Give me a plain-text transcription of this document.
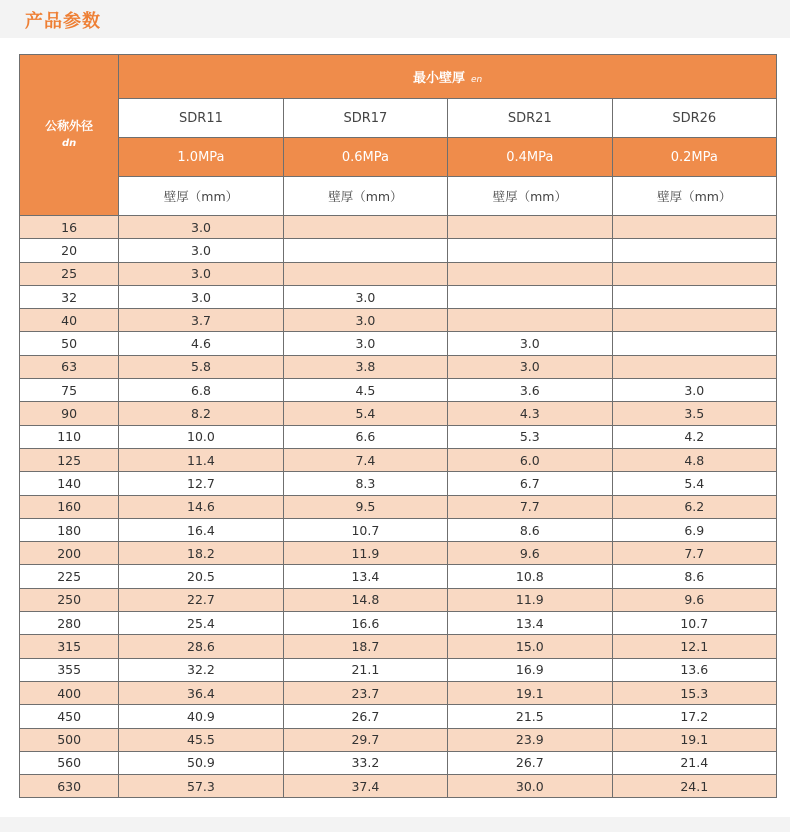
产品参数
公称外径
dn	最小壁厚 en			
	SDR11	SDR17	SDR21	SDR26
	1.0MPa	0.6MPa	0.4MPa	0.2MPa
	壁厚（mm）	壁厚（mm）	壁厚（mm）	壁厚（mm）
16	3.0			
20	3.0			
25	3.0			
32	3.0	3.0		
40	3.7	3.0		
50	4.6	3.0	3.0	
63	5.8	3.8	3.0	
75	6.8	4.5	3.6	3.0
90	8.2	5.4	4.3	3.5
110	10.0	6.6	5.3	4.2
125	11.4	7.4	6.0	4.8
140	12.7	8.3	6.7	5.4
160	14.6	9.5	7.7	6.2
180	16.4	10.7	8.6	6.9
200	18.2	11.9	9.6	7.7
225	20.5	13.4	10.8	8.6
250	22.7	14.8	11.9	9.6
280	25.4	16.6	13.4	10.7
315	28.6	18.7	15.0	12.1
355	32.2	21.1	16.9	13.6
400	36.4	23.7	19.1	15.3
450	40.9	26.7	21.5	17.2
500	45.5	29.7	23.9	19.1
560	50.9	33.2	26.7	21.4
630	57.3	37.4	30.0	24.1
